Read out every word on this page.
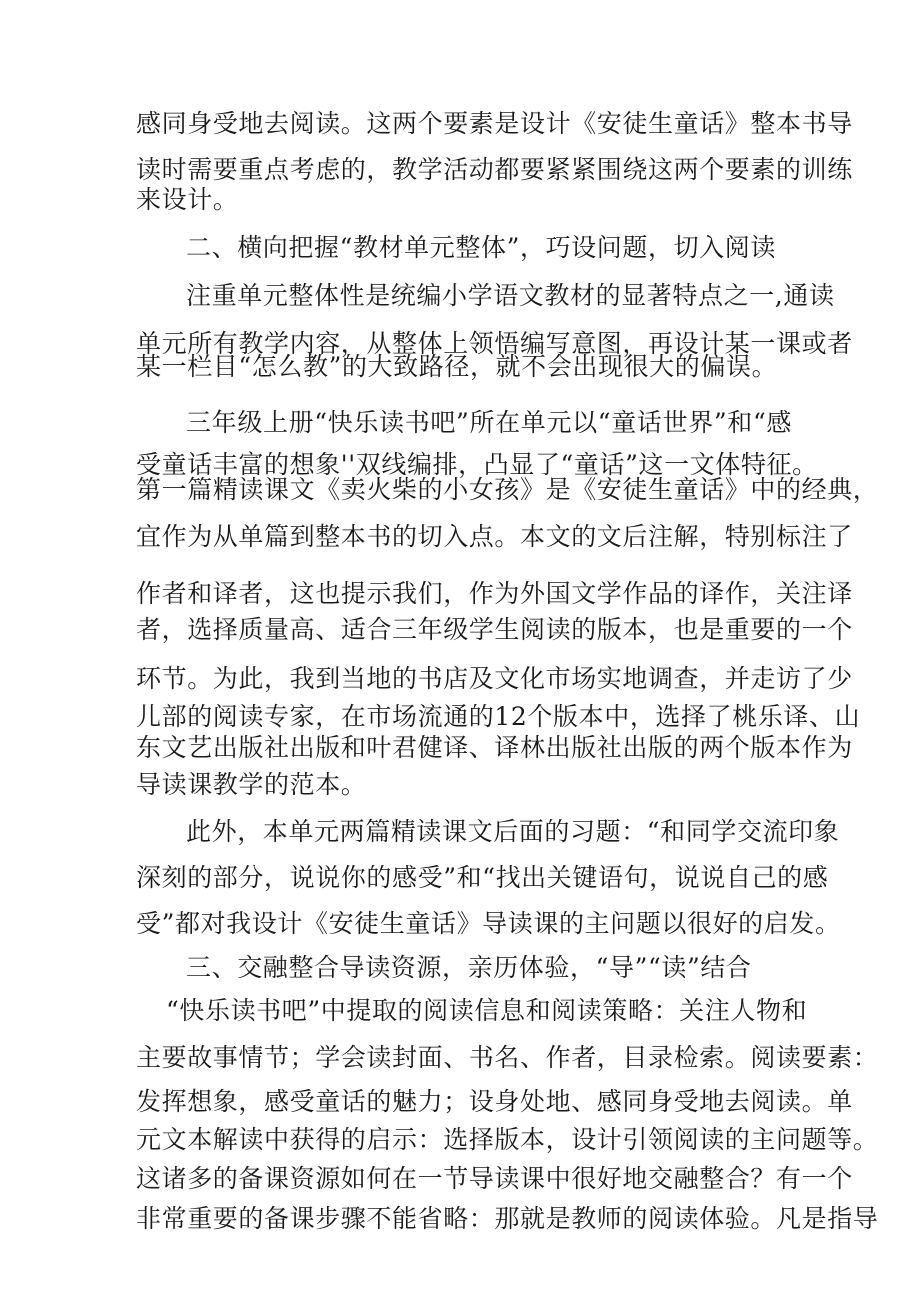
感同身受地去阅读。这两个要素是设计《安徒生童话》整本书导
读时需要重点考虑的，教学活动都要紧紧围绕这两个要素的训练
来设计。
二、横向把握“教材单元整体”，巧设问题，切入阅读
注重单元整体性是统编小学语文教材的显著特点之一,通读
单元所有教学内容，从整体上领悟编写意图，再设计某一课或者
某一栏目“怎么教”的大致路径，就不会出现很大的偏误。
三年级上册“快乐读书吧”所在单元以“童话世界”和“感
受童话丰富的想象''双线编排，凸显了“童话”这一文体特征。
第一篇精读课文《卖火柴的小女孩》是《安徒生童话》中的经典，
宜作为从单篇到整本书的切入点。本文的文后注解，特别标注了
作者和译者，这也提示我们，作为外国文学作品的译作，关注译
者，选择质量高、适合三年级学生阅读的版本，也是重要的一个
环节。为此，我到当地的书店及文化市场实地调查，并走访了少
儿部的阅读专家，在市场流通的12个版本中，选择了桃乐译、山
东文艺出版社出版和叶君健译、译林出版社出版的两个版本作为
导读课教学的范本。
此外，本单元两篇精读课文后面的习题：“和同学交流印象
深刻的部分，说说你的感受”和“找出关键语句，说说自己的感
受”都对我设计《安徒生童话》导读课的主问题以很好的启发。
三、交融整合导读资源，亲历体验，“导”“读”结合
“快乐读书吧”中提取的阅读信息和阅读策略：关注人物和
主要故事情节；学会读封面、书名、作者，目录检索。阅读要素：
发挥想象，感受童话的魅力；设身处地、感同身受地去阅读。单
元文本解读中获得的启示：选择版本，设计引领阅读的主问题等。
这诸多的备课资源如何在一节导读课中很好地交融整合？有一个
非常重要的备课步骤不能省略：那就是教师的阅读体验。凡是指导
